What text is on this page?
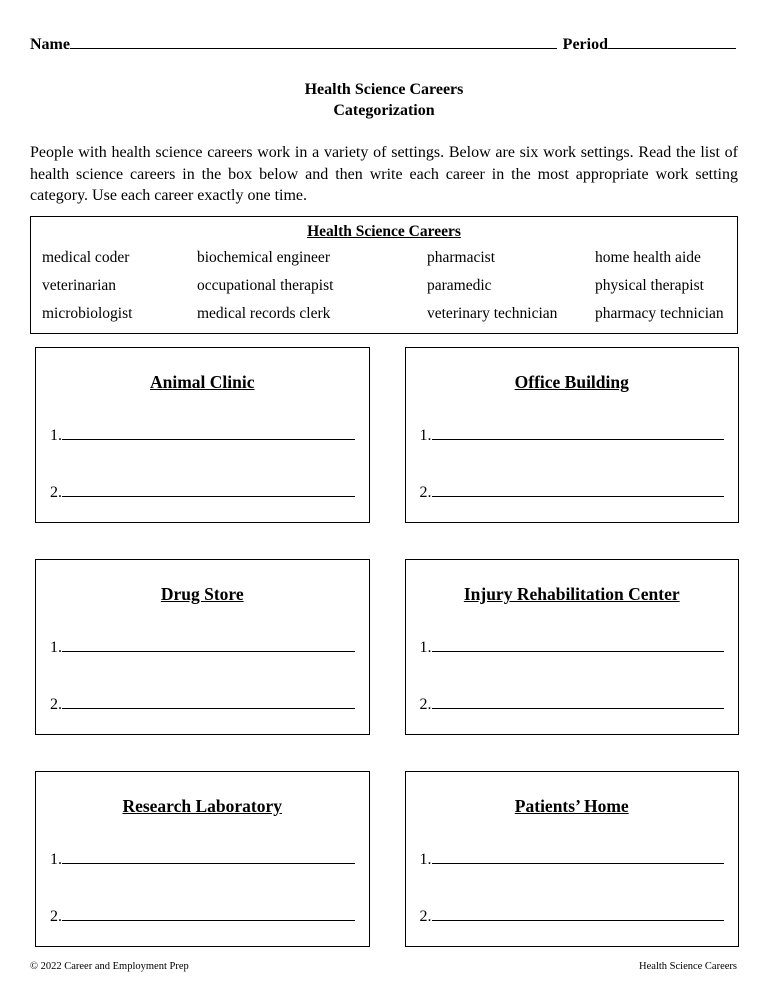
Name	Period
Health Science Careers
Categorization

People with health science careers work in a variety of settings. Below are six work settings. Read the list of health science careers in the box below and then write each career in the most appropriate work setting category. Use each career exactly one time.

Health Science Careers
medical coder	biochemical engineer	pharmacist	home health aide
veterinarian	occupational therapist	paramedic	physical therapist
microbiologist	medical records clerk	veterinary technician	pharmacy technician
Animal Clinic
1.
2.
Office Building
1.
2.
Drug Store
1.
2.
Injury Rehabilitation Center
1.
2.
Research Laboratory
1.
2.
Patients’ Home
1.
2.
© 2022 Career and Employment Prep	Health Science Careers
